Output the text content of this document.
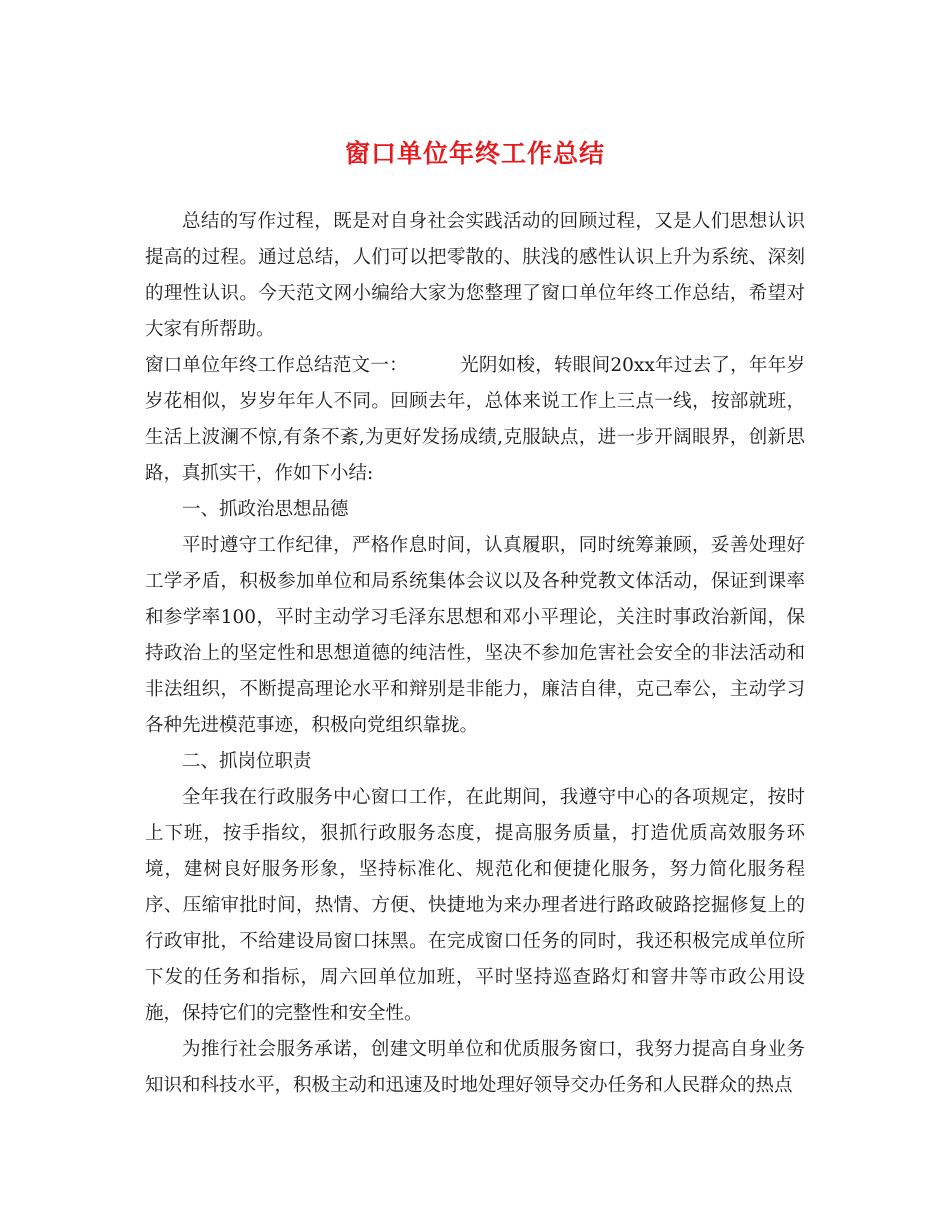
窗口单位年终工作总结

总结的写作过程，既是对自身社会实践活动的回顾过程，又是人们思想认识提高的过程。通过总结，人们可以把零散的、肤浅的感性认识上升为系统、深刻的理性认识。今天范文网小编给大家为您整理了窗口单位年终工作总结，希望对大家有所帮助。

窗口单位年终工作总结范文一：	光阴如梭，转眼间20xx年过去了，年年岁岁花相似，岁岁年年人不同。回顾去年，总体来说工作上三点一线，按部就班，生活上波澜不惊,有条不紊,为更好发扬成绩,克服缺点，进一步开阔眼界，创新思路，真抓实干，作如下小结:

一、抓政治思想品德

平时遵守工作纪律，严格作息时间，认真履职，同时统筹兼顾，妥善处理好工学矛盾，积极参加单位和局系统集体会议以及各种党教文体活动，保证到课率和参学率100，平时主动学习毛泽东思想和邓小平理论，关注时事政治新闻，保持政治上的坚定性和思想道德的纯洁性，坚决不参加危害社会安全的非法活动和非法组织，不断提高理论水平和辩别是非能力，廉洁自律，克己奉公，主动学习各种先进模范事迹，积极向党组织靠拢。

二、抓岗位职责

全年我在行政服务中心窗口工作，在此期间，我遵守中心的各项规定，按时上下班，按手指纹，狠抓行政服务态度，提高服务质量，打造优质高效服务环境，建树良好服务形象，坚持标准化、规范化和便捷化服务，努力简化服务程序、压缩审批时间，热情、方便、快捷地为来办理者进行路政破路挖掘修复上的行政审批，不给建设局窗口抹黑。在完成窗口任务的同时，我还积极完成单位所下发的任务和指标，周六回单位加班，平时坚持巡查路灯和窨井等市政公用设施，保持它们的完整性和安全性。

为推行社会服务承诺，创建文明单位和优质服务窗口，我努力提高自身业务知识和科技水平，积极主动和迅速及时地处理好领导交办任务和人民群众的热点
